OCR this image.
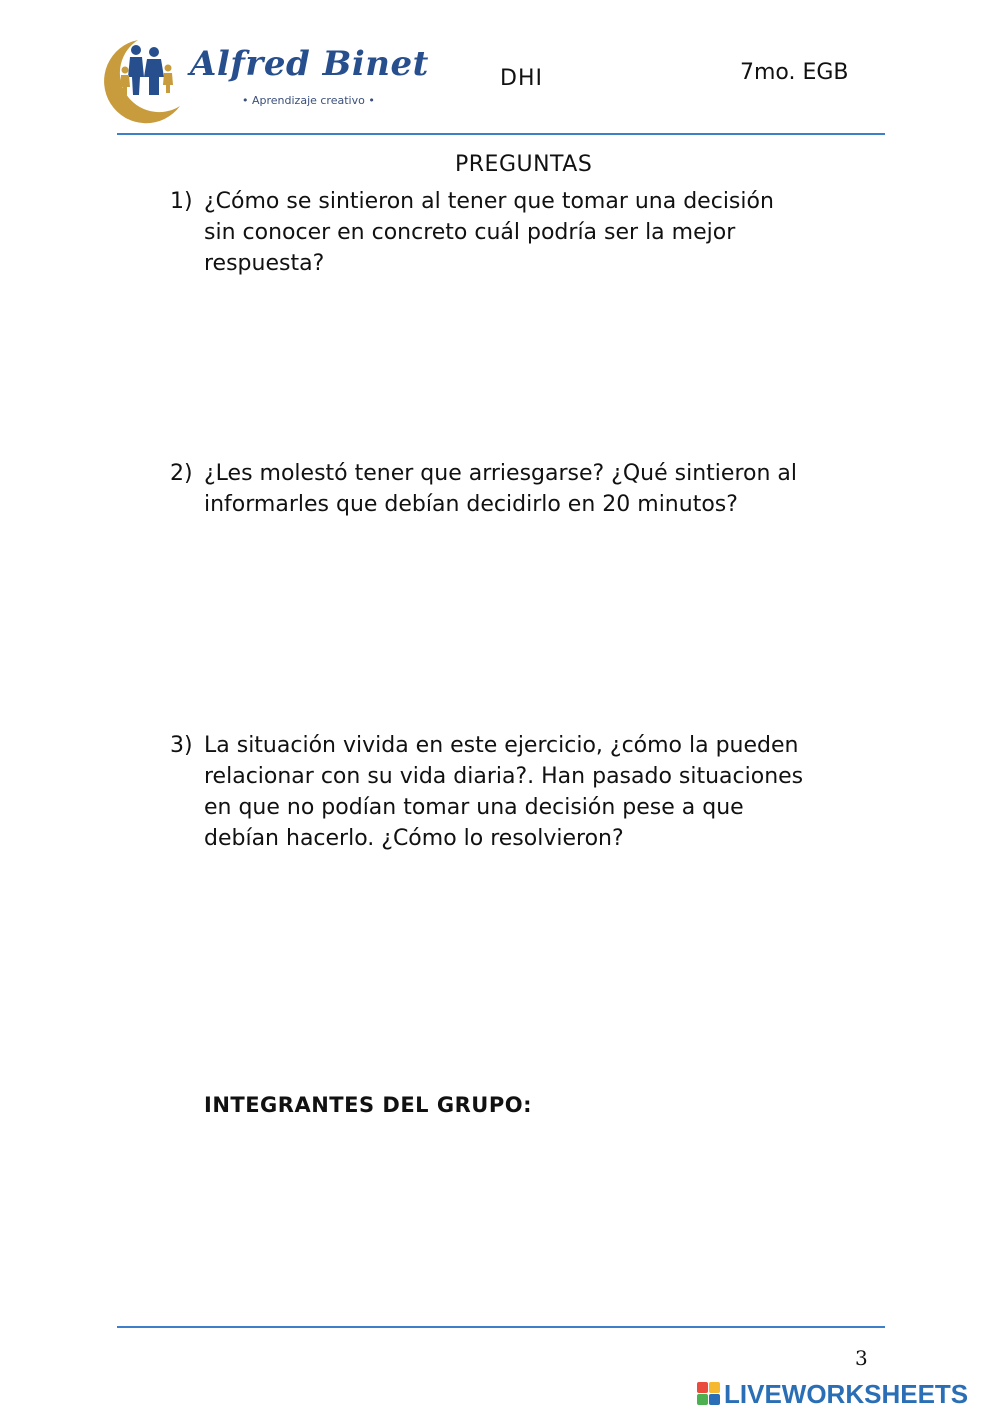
Alfred Binet
• Aprendizaje creativo •
DHI	7mo. EGB
PREGUNTAS
1) ¿Cómo se sintieron al tener que tomar una decisión sin conocer en concreto cuál podría ser la mejor respuesta?
2) ¿Les molestó tener que arriesgarse? ¿Qué sintieron al informarles que debían decidirlo en 20 minutos?
3) La situación vivida en este ejercicio, ¿cómo la pueden relacionar con su vida diaria?. Han pasado situaciones en que no podían tomar una decisión pese a que debían hacerlo. ¿Cómo lo resolvieron?
INTEGRANTES DEL GRUPO:
3
LIVEWORKSHEETS
